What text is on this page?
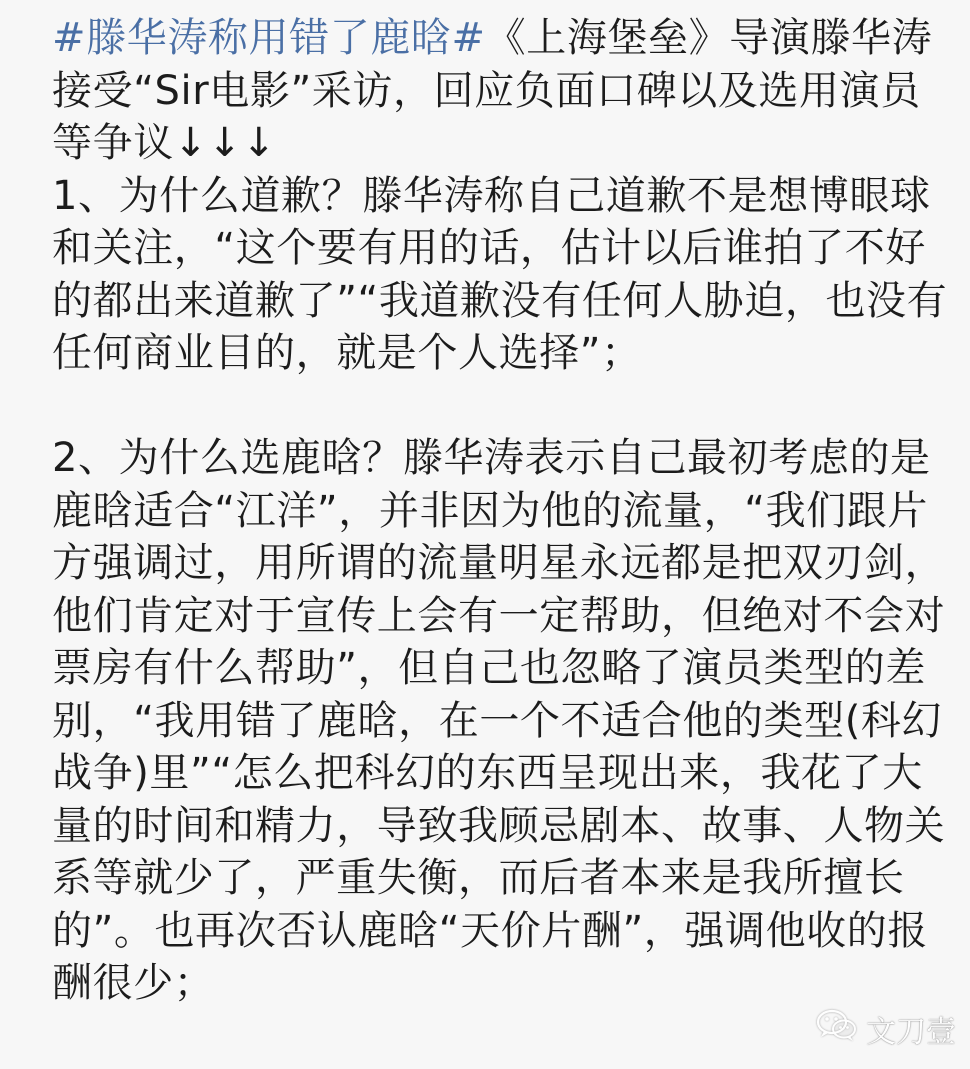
#滕华涛称用错了鹿晗#《上海堡垒》导演滕华涛接受“Sir电影”采访，回应负面口碑以及选用演员等争议↓↓↓

1、为什么道歉？滕华涛称自己道歉不是想博眼球和关注，“这个要有用的话，估计以后谁拍了不好的都出来道歉了”“我道歉没有任何人胁迫，也没有任何商业目的，就是个人选择”；

2、为什么选鹿晗？滕华涛表示自己最初考虑的是鹿晗适合“江洋”，并非因为他的流量，“我们跟片方强调过，用所谓的流量明星永远都是把双刃剑，他们肯定对于宣传上会有一定帮助，但绝对不会对票房有什么帮助”，但自己也忽略了演员类型的差别，“我用错了鹿晗，在一个不适合他的类型(科幻战争)里”“怎么把科幻的东西呈现出来，我花了大量的时间和精力，导致我顾忌剧本、故事、人物关系等就少了，严重失衡，而后者本来是我所擅长的”。也再次否认鹿晗“天价片酬”，强调他收的报酬很少；

文刀壹
